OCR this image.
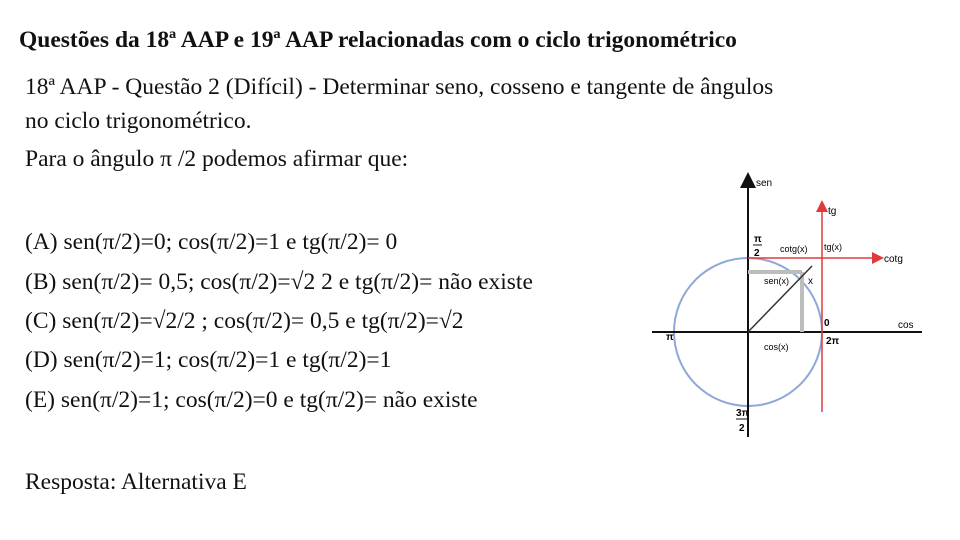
Questões da 18ª AAP e 19ª AAP relacionadas com o ciclo trigonométrico
18ª AAP - Questão 2 (Difícil) - Determinar seno, cosseno e tangente de ângulos
no ciclo trigonométrico.
Para o ângulo π /2 podemos afirmar que:
(A) sen(π/2)=0; cos(π/2)=1 e tg(π/2)= 0
(B) sen(π/2)= 0,5; cos(π/2)=√2 2 e tg(π/2)= não existe
(C) sen(π/2)=√2/2 ; cos(π/2)= 0,5 e tg(π/2)=√2
(D) sen(π/2)=1; cos(π/2)=1 e tg(π/2)=1
(E) sen(π/2)=1; cos(π/2)=0 e tg(π/2)= não existe
Resposta: Alternativa E
sen
tg
cotg
cos
π
2 cotg(x) tg(x)
sen(x) x
0
π	2π
cos(x)
3π
2
